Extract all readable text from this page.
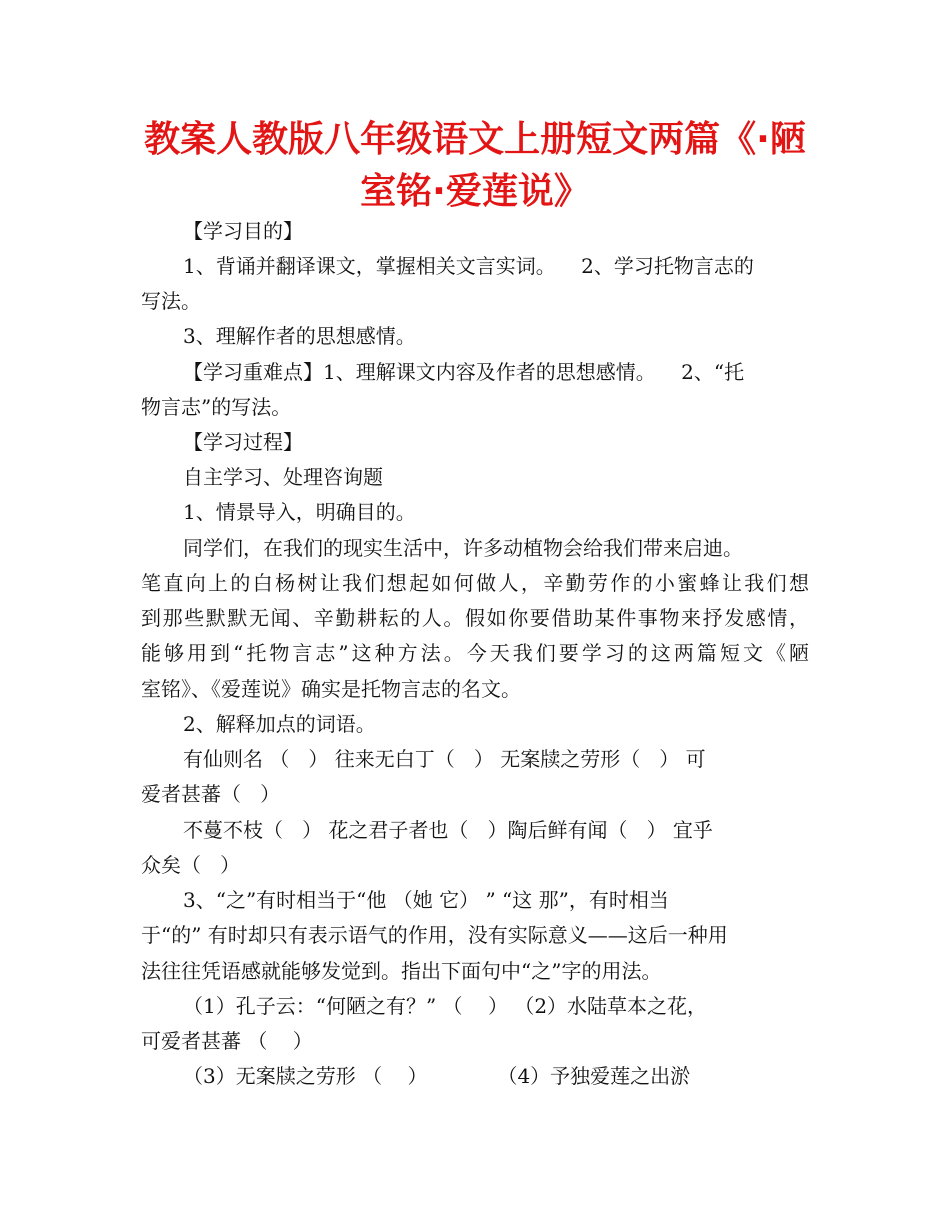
教案人教版八年级语文上册短文两篇《·陋
室铭·爱莲说》
【学习目的】
1、背诵并翻译课文，掌握相关文言实词。    2、学习托物言志的
写法。
3、理解作者的思想感情。
【学习重难点】1、理解课文内容及作者的思想感情。    2、“托
物言志”的写法。
【学习过程】
自主学习、处理咨询题
1、情景导入，明确目的。
同学们，在我们的现实生活中，许多动植物会给我们带来启迪。
笔直向上的白杨树让我们想起如何做人，辛勤劳作的小蜜蜂让我们想
到那些默默无闻、辛勤耕耘的人。假如你要借助某件事物来抒发感情，
能够用到“托物言志”这种方法。今天我们要学习的这两篇短文《陋
室铭》、《爱莲说》确实是托物言志的名文。
2、解释加点的词语。
有仙则名 （   ） 往来无白丁（   ） 无案牍之劳形（   ） 可
爱者甚蕃（   ）
不蔓不枝（   ） 花之君子者也（   ）陶后鲜有闻（   ） 宜乎
众矣（   ）
3、“之”有时相当于“他 （她 它） ” “这 那”，有时相当
于“的” 有时却只有表示语气的作用，没有实际意义——这后一种用
法往往凭语感就能够发觉到。指出下面句中“之”字的用法。
（1）孔子云：“何陋之有？” （    ） （2）水陆草本之花，
可爱者甚蕃 （    ）
（3）无案牍之劳形 （    ）           （4）予独爱莲之出淤
